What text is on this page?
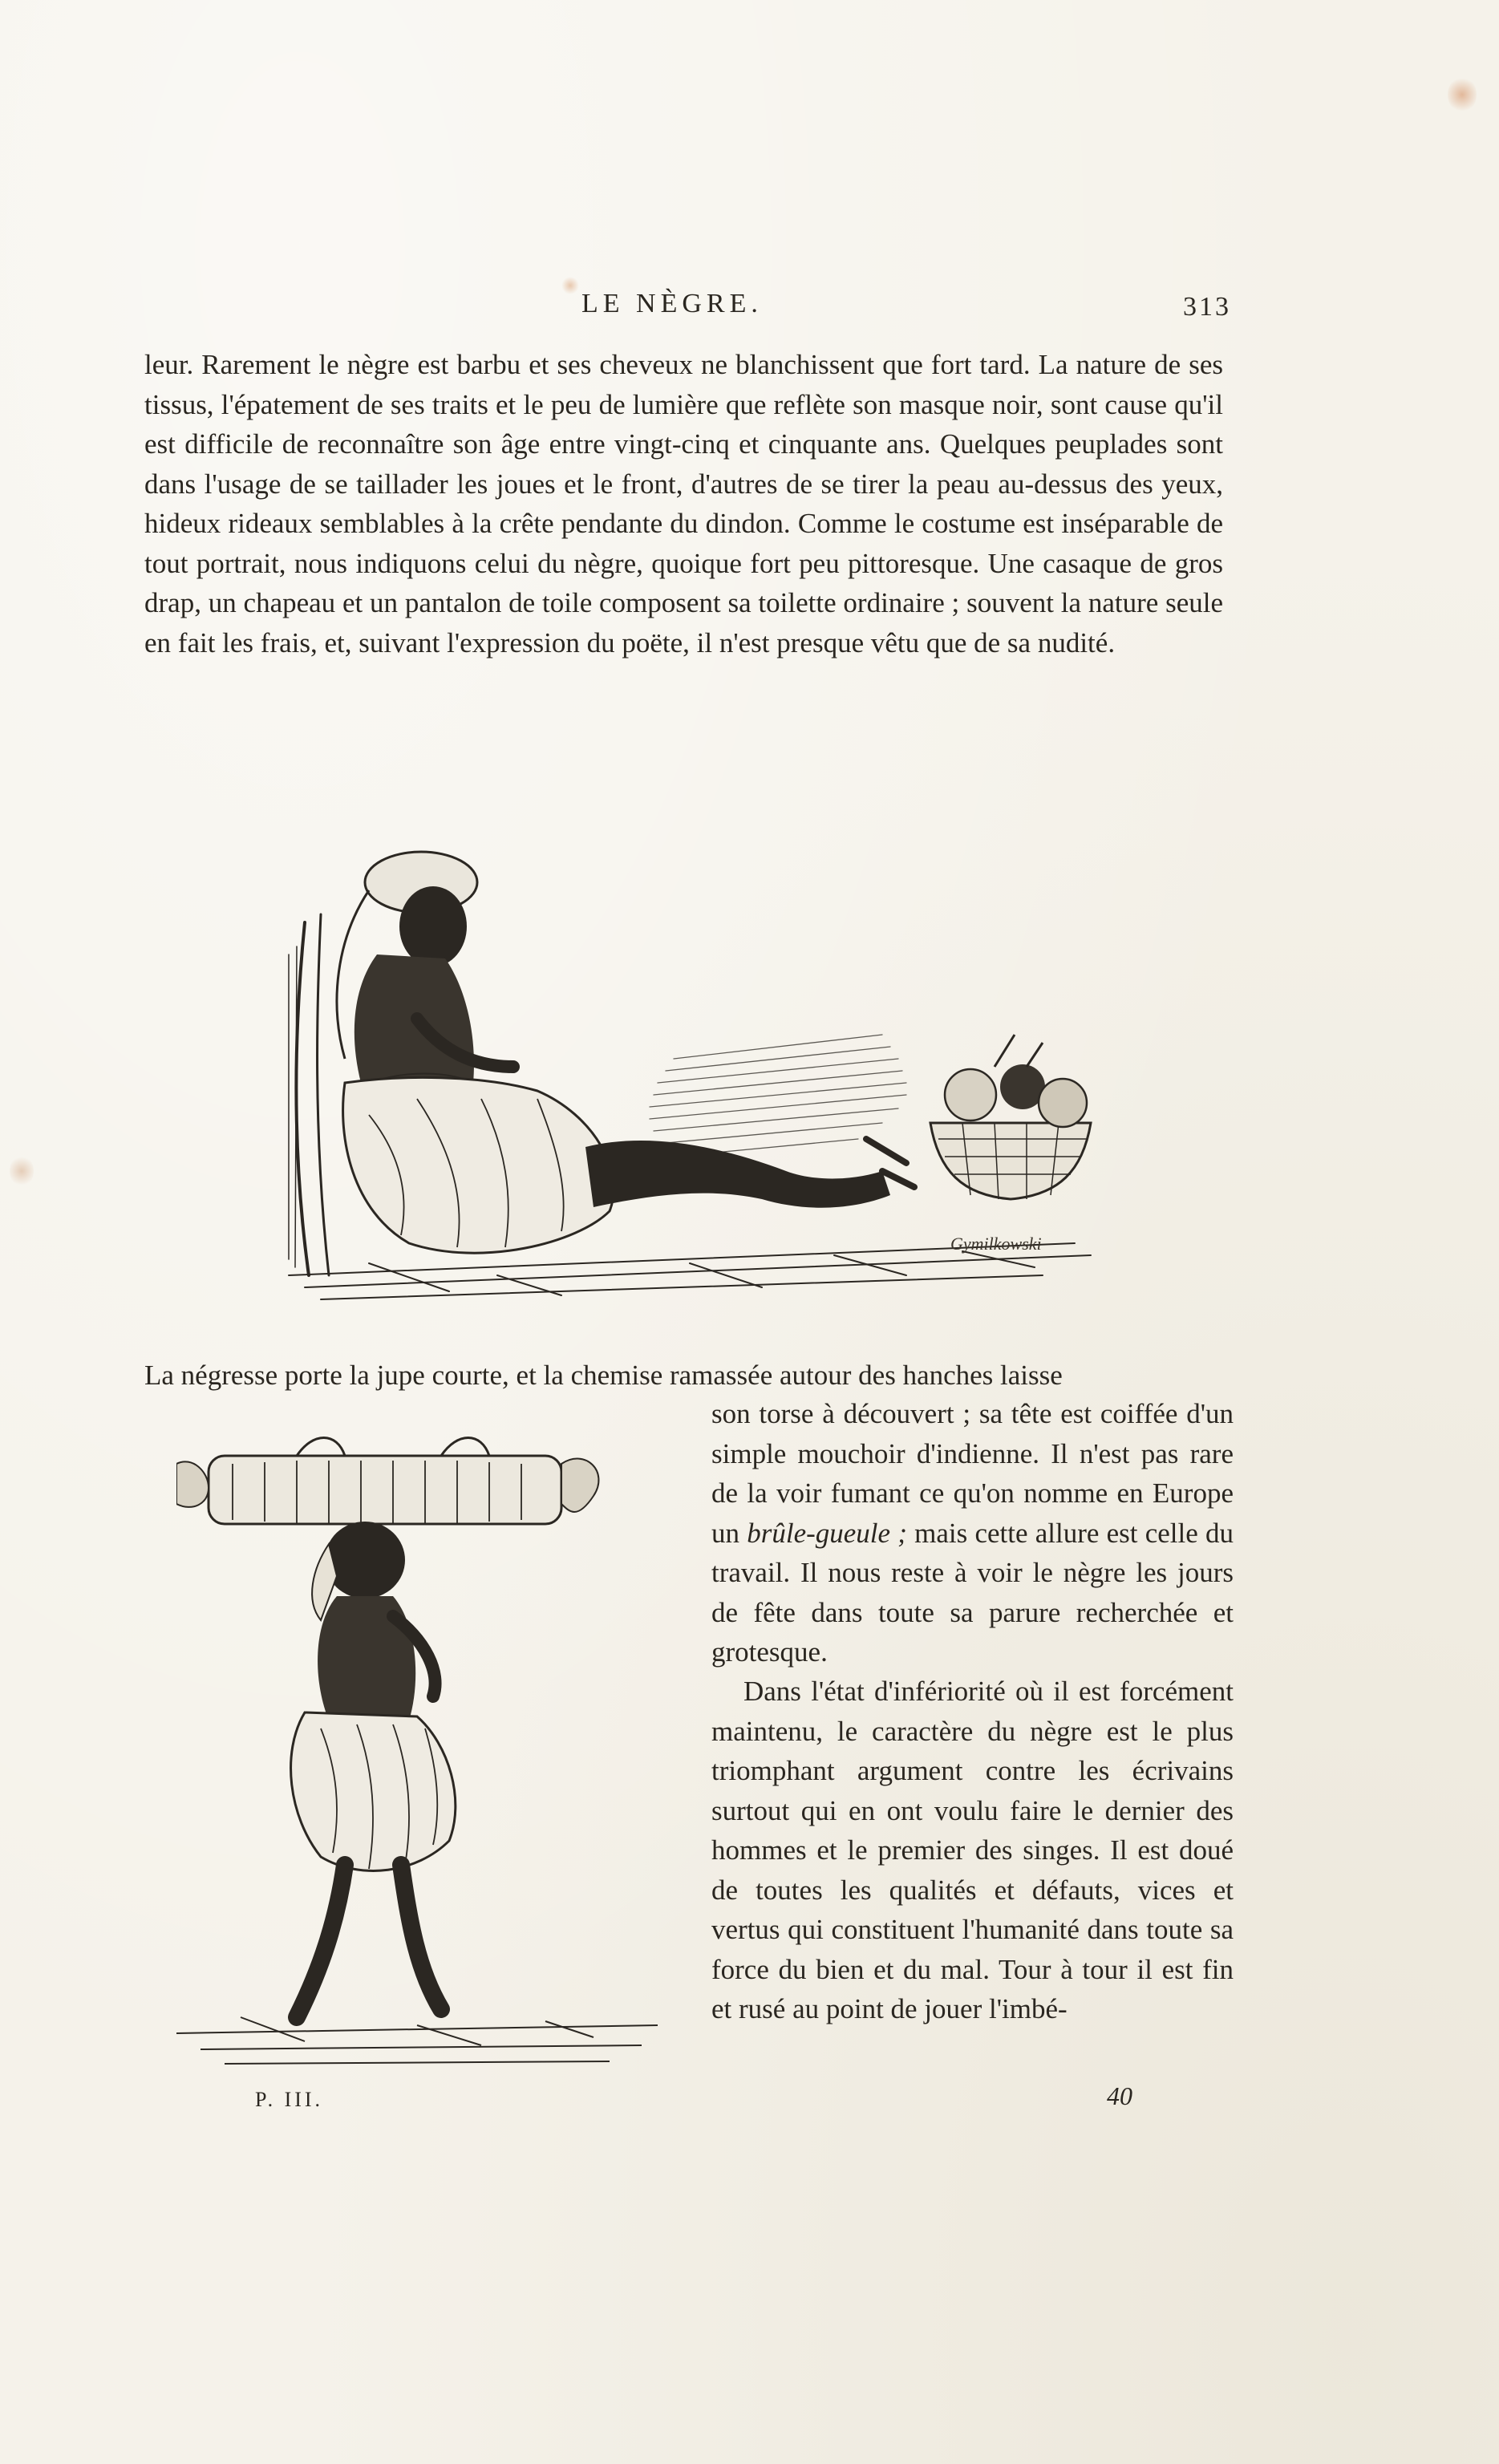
LE NÈGRE.	313

leur. Rarement le nègre est barbu et ses cheveux ne blanchissent que fort tard. La nature de ses tissus, l'épatement de ses traits et le peu de lumière que reflète son masque noir, sont cause qu'il est difficile de reconnaître son âge entre vingt-cinq et cinquante ans. Quelques peuplades sont dans l'usage de se taillader les joues et le front, d'autres de se tirer la peau au-dessus des yeux, hideux rideaux semblables à la crête pendante du dindon. Comme le costume est inséparable de tout portrait, nous indiquons celui du nègre, quoique fort peu pittoresque. Une casaque de gros drap, un chapeau et un pantalon de toile composent sa toilette ordinaire ; souvent la nature seule en fait les frais, et, suivant l'expression du poëte, il n'est presque vêtu que de sa nudité.

Gymilkowski

La négresse porte la jupe courte, et la chemise ramassée autour des hanches laisse

son torse à découvert ; sa tête est coiffée d'un simple mouchoir d'indienne. Il n'est pas rare de la voir fumant ce qu'on nomme en Europe un brûle-gueule ; mais cette allure est celle du travail. Il nous reste à voir le nègre les jours de fête dans toute sa parure recherchée et grotesque.

Dans l'état d'infériorité où il est forcément maintenu, le caractère du nègre est le plus triomphant argument contre les écrivains surtout qui en ont voulu faire le dernier des hommes et le premier des singes. Il est doué de toutes les qualités et défauts, vices et vertus qui constituent l'humanité dans toute sa force du bien et du mal. Tour à tour il est fin et rusé au point de jouer l'imbé-

P. III.	40
